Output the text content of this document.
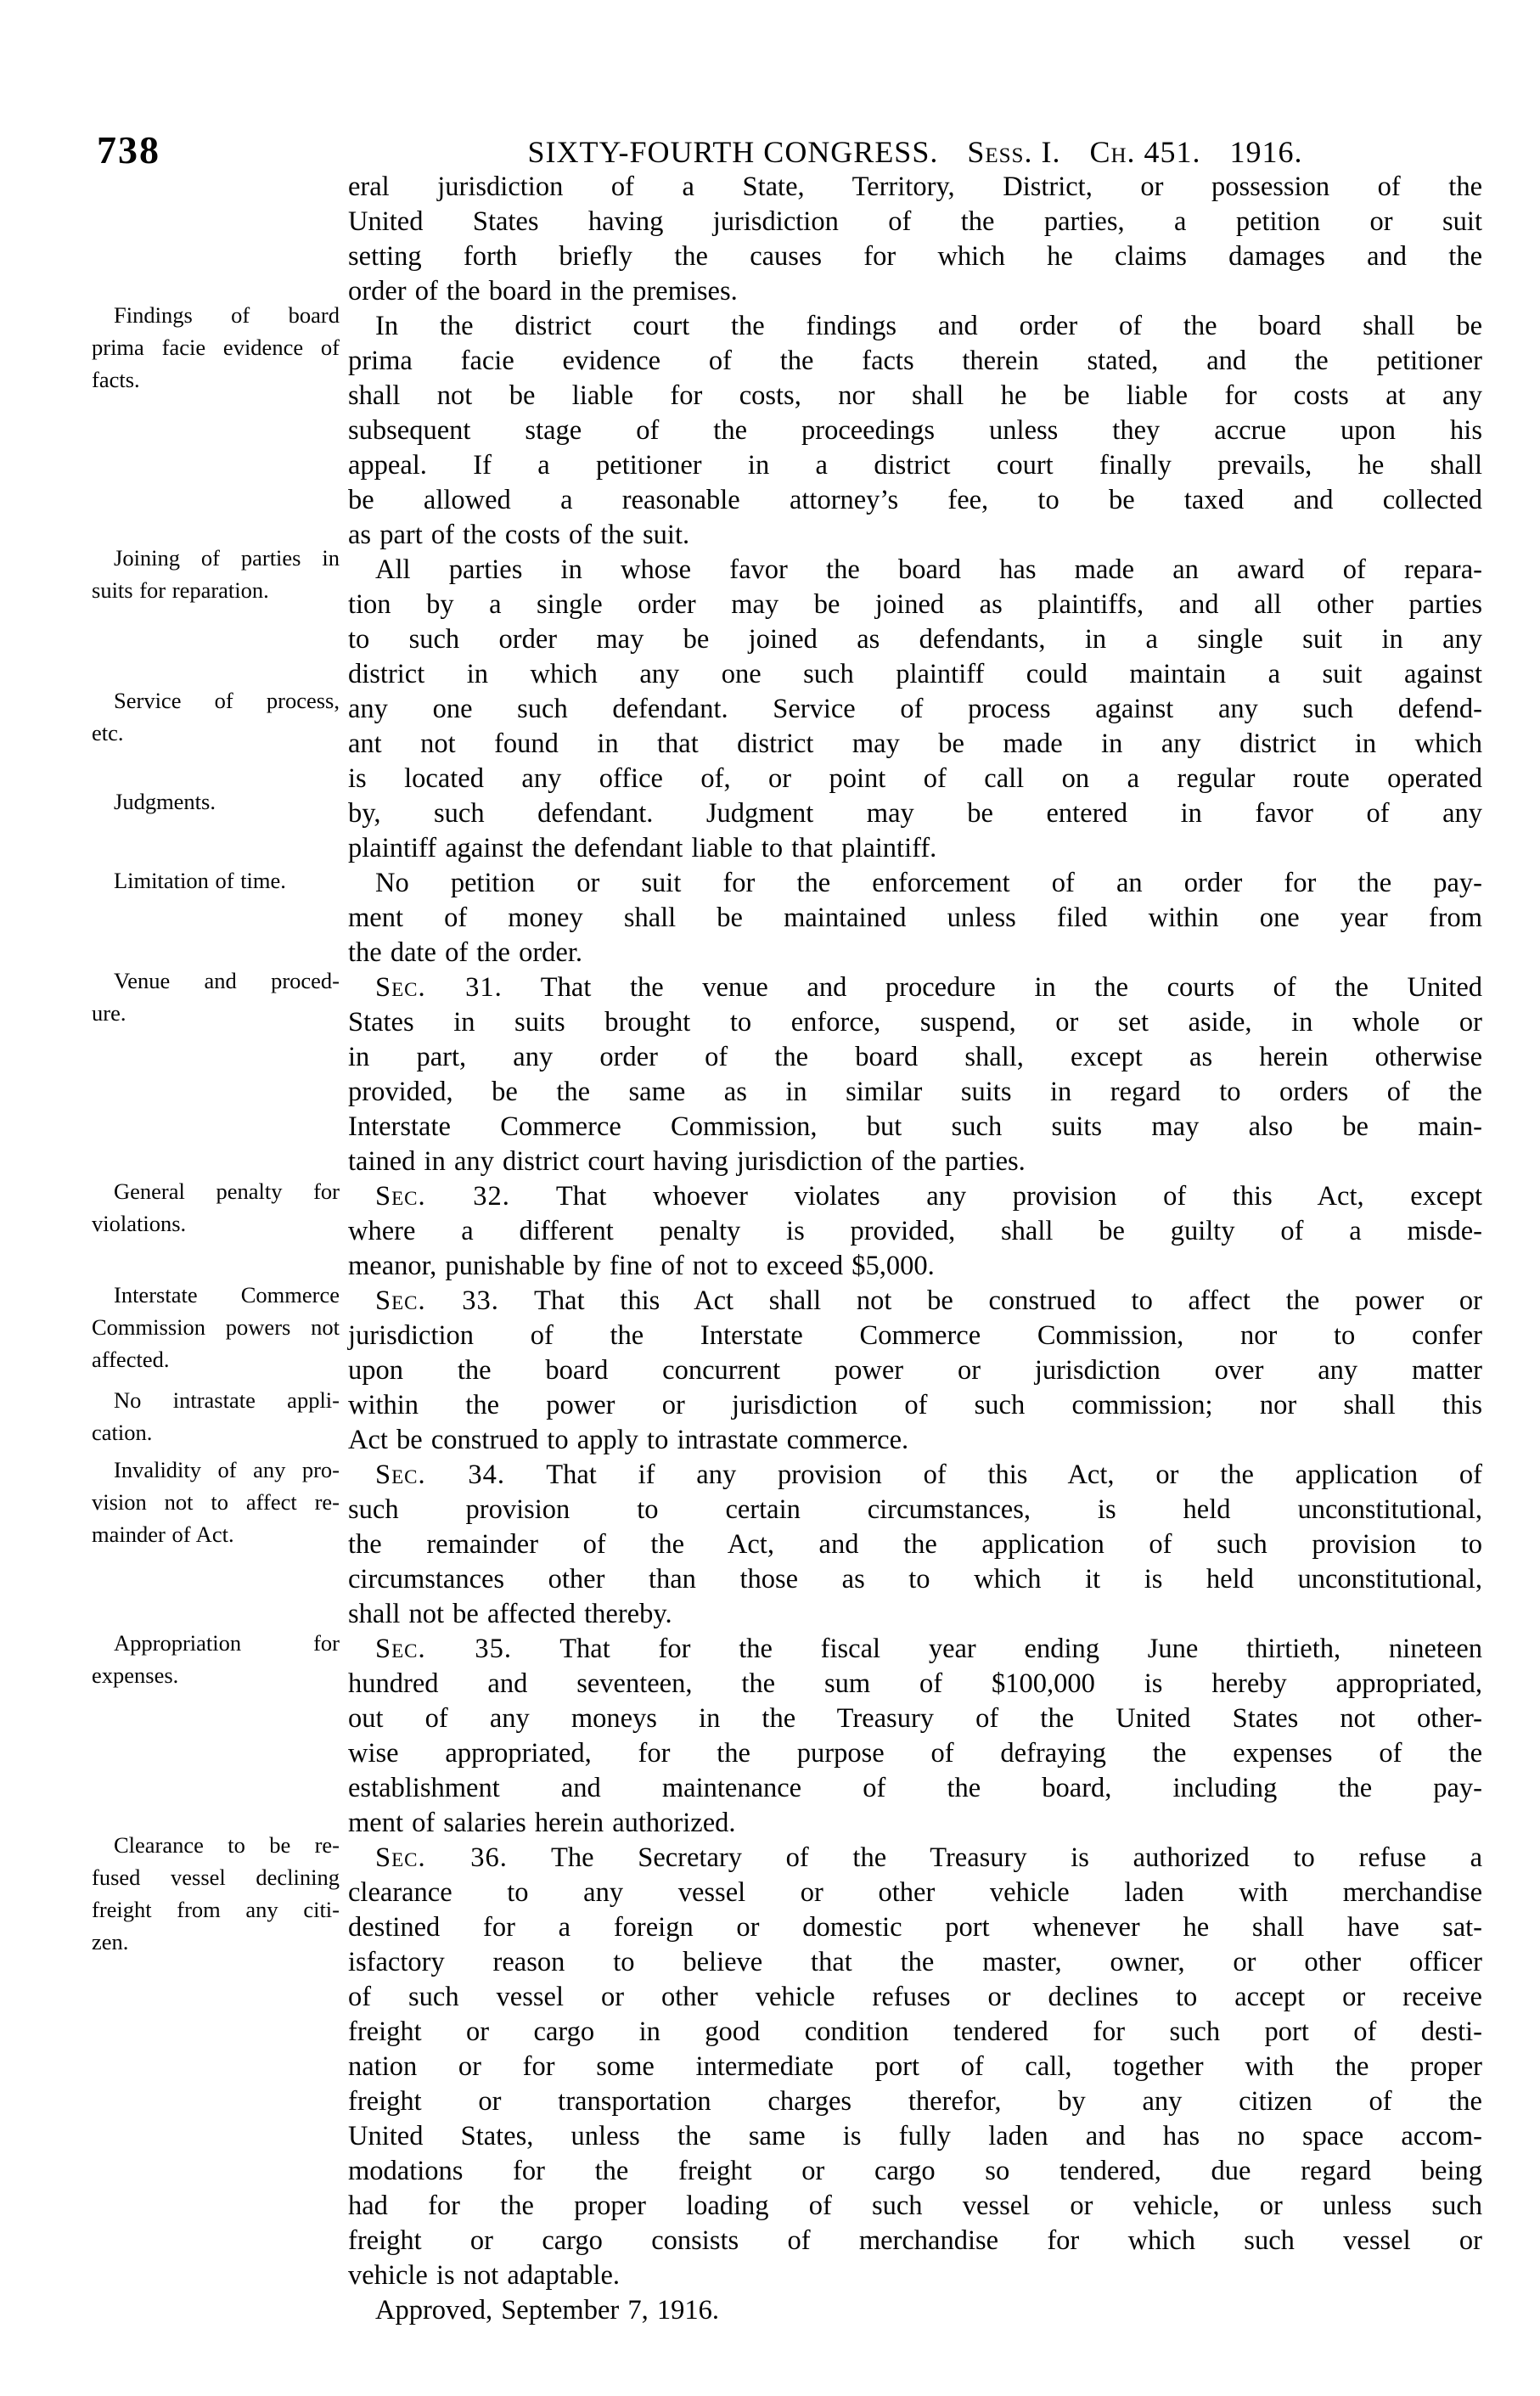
738	SIXTY-FOURTH CONGRESS. Sess. I. Ch. 451. 1916.
Findings of board
prima facie evidence of
facts.
Joining of parties in
suits for reparation.
Service of process,
etc.
Judgments.
Limitation of time.
Venue and proced-
ure.
General penalty for
violations.
Interstate Commerce
Commission powers not
affected.
No intrastate appli-
cation.
Invalidity of any pro-
vision not to affect re-
mainder of Act.
Appropriation for
expenses.
Clearance to be re-
fused vessel declining
freight from any citi-
zen.
eral jurisdiction of a State, Territory, District, or possession of the
United States having jurisdiction of the parties, a petition or suit
setting forth briefly the causes for which he claims damages and the
order of the board in the premises.
In the district court the findings and order of the board shall be
prima facie evidence of the facts therein stated, and the petitioner
shall not be liable for costs, nor shall he be liable for costs at any
subsequent stage of the proceedings unless they accrue upon his
appeal. If a petitioner in a district court finally prevails, he shall
be allowed a reasonable attorney’s fee, to be taxed and collected
as part of the costs of the suit.
All parties in whose favor the board has made an award of repara-
tion by a single order may be joined as plaintiffs, and all other parties
to such order may be joined as defendants, in a single suit in any
district in which any one such plaintiff could maintain a suit against
any one such defendant. Service of process against any such defend-
ant not found in that district may be made in any district in which
is located any office of, or point of call on a regular route operated
by, such defendant. Judgment may be entered in favor of any
plaintiff against the defendant liable to that plaintiff.
No petition or suit for the enforcement of an order for the pay-
ment of money shall be maintained unless filed within one year from
the date of the order.
Sec. 31. That the venue and procedure in the courts of the United
States in suits brought to enforce, suspend, or set aside, in whole or
in part, any order of the board shall, except as herein otherwise
provided, be the same as in similar suits in regard to orders of the
Interstate Commerce Commission, but such suits may also be main-
tained in any district court having jurisdiction of the parties.
Sec. 32. That whoever violates any provision of this Act, except
where a different penalty is provided, shall be guilty of a misde-
meanor, punishable by fine of not to exceed $5,000.
Sec. 33. That this Act shall not be construed to affect the power or
jurisdiction of the Interstate Commerce Commission, nor to confer
upon the board concurrent power or jurisdiction over any matter
within the power or jurisdiction of such commission; nor shall this
Act be construed to apply to intrastate commerce.
Sec. 34. That if any provision of this Act, or the application of
such provision to certain circumstances, is held unconstitutional,
the remainder of the Act, and the application of such provision to
circumstances other than those as to which it is held unconstitutional,
shall not be affected thereby.
Sec. 35. That for the fiscal year ending June thirtieth, nineteen
hundred and seventeen, the sum of $100,000 is hereby appropriated,
out of any moneys in the Treasury of the United States not other-
wise appropriated, for the purpose of defraying the expenses of the
establishment and maintenance of the board, including the pay-
ment of salaries herein authorized.
Sec. 36. The Secretary of the Treasury is authorized to refuse a
clearance to any vessel or other vehicle laden with merchandise
destined for a foreign or domestic port whenever he shall have sat-
isfactory reason to believe that the master, owner, or other officer
of such vessel or other vehicle refuses or declines to accept or receive
freight or cargo in good condition tendered for such port of desti-
nation or for some intermediate port of call, together with the proper
freight or transportation charges therefor, by any citizen of the
United States, unless the same is fully laden and has no space accom-
modations for the freight or cargo so tendered, due regard being
had for the proper loading of such vessel or vehicle, or unless such
freight or cargo consists of merchandise for which such vessel or
vehicle is not adaptable.
Approved, September 7, 1916.
